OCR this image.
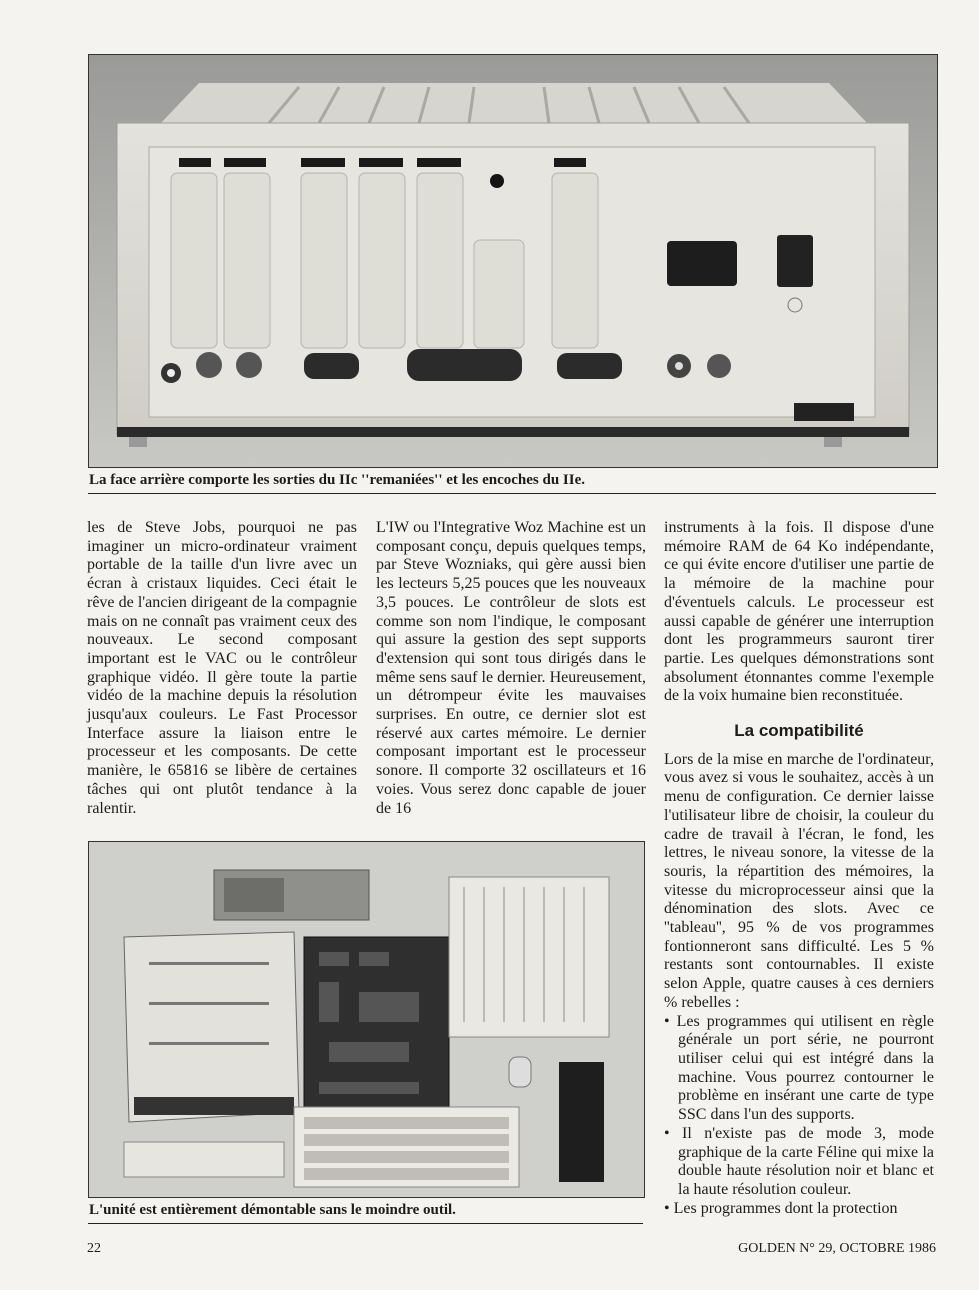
La face arrière comporte les sorties du IIc ''remaniées'' et les encoches du IIe.

les de Steve Jobs, pourquoi ne pas imaginer un micro-ordinateur vraiment portable de la taille d'un livre avec un écran à cristaux liquides. Ceci était le rêve de l'ancien dirigeant de la compagnie mais on ne connaît pas vraiment ceux des nouveaux. Le second composant important est le VAC ou le contrôleur graphique vidéo. Il gère toute la partie vidéo de la machine depuis la résolution jusqu'aux couleurs. Le Fast Processor Interface assure la liaison entre le processeur et les composants. De cette manière, le 65816 se libère de certaines tâches qui ont plutôt tendance à la ralentir.

L'IW ou l'Integrative Woz Machine est un composant conçu, depuis quelques temps, par Steve Wozniaks, qui gère aussi bien les lecteurs 5,25 pouces que les nouveaux 3,5 pouces. Le contrôleur de slots est comme son nom l'indique, le composant qui assure la gestion des sept supports d'extension qui sont tous dirigés dans le même sens sauf le dernier. Heureusement, un détrompeur évite les mauvaises surprises. En outre, ce dernier slot est réservé aux cartes mémoire. Le dernier composant important est le processeur sonore. Il comporte 32 oscillateurs et 16 voies. Vous serez donc capable de jouer de 16

instruments à la fois. Il dispose d'une mémoire RAM de 64 Ko indépendante, ce qui évite encore d'utiliser une partie de la mémoire de la machine pour d'éventuels calculs. Le processeur est aussi capable de générer une interruption dont les programmeurs sauront tirer partie. Les quelques démonstrations sont absolument étonnantes comme l'exemple de la voix humaine bien reconstituée.

La compatibilité

Lors de la mise en marche de l'ordinateur, vous avez si vous le souhaitez, accès à un menu de configuration. Ce dernier laisse l'utilisateur libre de choisir, la couleur du cadre de travail à l'écran, le fond, les lettres, le niveau sonore, la vitesse de la souris, la répartition des mémoires, la vitesse du microprocesseur ainsi que la dénomination des slots. Avec ce ''tableau'', 95 % de vos programmes fontionneront sans difficulté. Les 5 % restants sont contournables. Il existe selon Apple, quatre causes à ces derniers % rebelles :

• Les programmes qui utilisent en règle générale un port série, ne pourront utiliser celui qui est intégré dans la machine. Vous pourrez contourner le problème en insérant une carte de type SSC dans l'un des supports.

• Il n'existe pas de mode 3, mode graphique de la carte Féline qui mixe la double haute résolution noir et blanc et la haute résolution couleur.

• Les programmes dont la protection

L'unité est entièrement démontable sans le moindre outil.
22	GOLDEN N° 29, OCTOBRE 1986
